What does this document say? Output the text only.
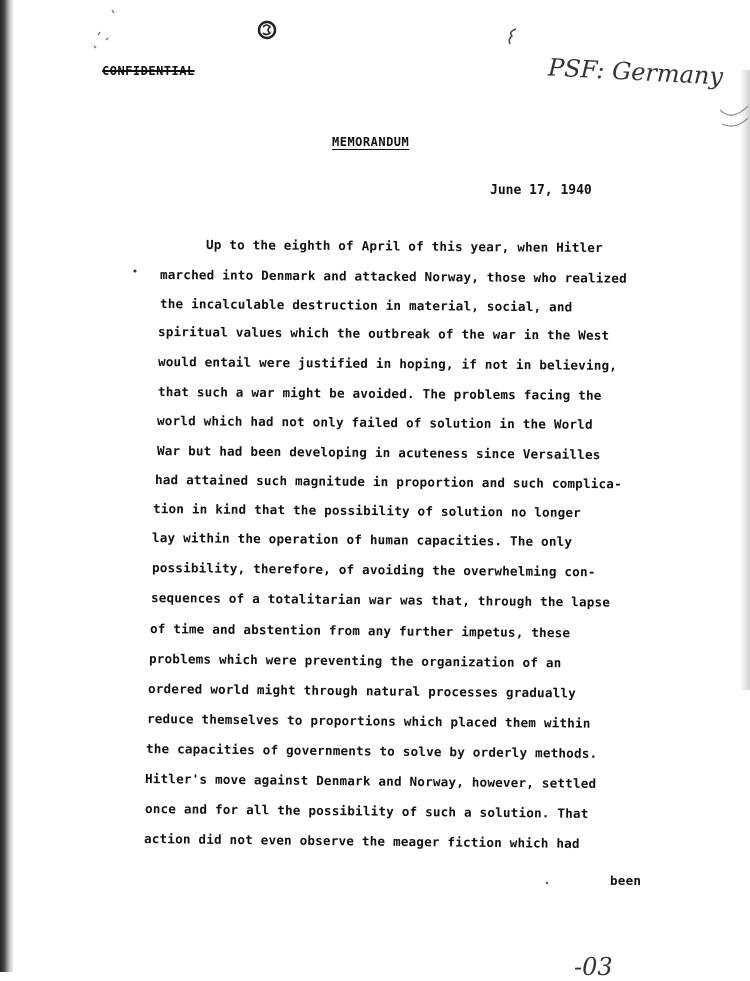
CONFIDENTIAL	PSF: Germany
MEMORANDUM
June 17, 1940
Up to the eighth of April of this year, when Hitler
marched into Denmark and attacked Norway, those who realized
the incalculable destruction in material, social, and
spiritual values which the outbreak of the war in the West
would entail were justified in hoping, if not in believing,
that such a war might be avoided. The problems facing the
world which had not only failed of solution in the World
War but had been developing in acuteness since Versailles
had attained such magnitude in proportion and such complica-
tion in kind that the possibility of solution no longer
lay within the operation of human capacities. The only
possibility, therefore, of avoiding the overwhelming con-
sequences of a totalitarian war was that, through the lapse
of time and abstention from any further impetus, these
problems which were preventing the organization of an
ordered world might through natural processes gradually
reduce themselves to proportions which placed them within
the capacities of governments to solve by orderly methods.
Hitler's move against Denmark and Norway, however, settled
once and for all the possibility of such a solution. That
action did not even observe the meager fiction which had
been
-03
